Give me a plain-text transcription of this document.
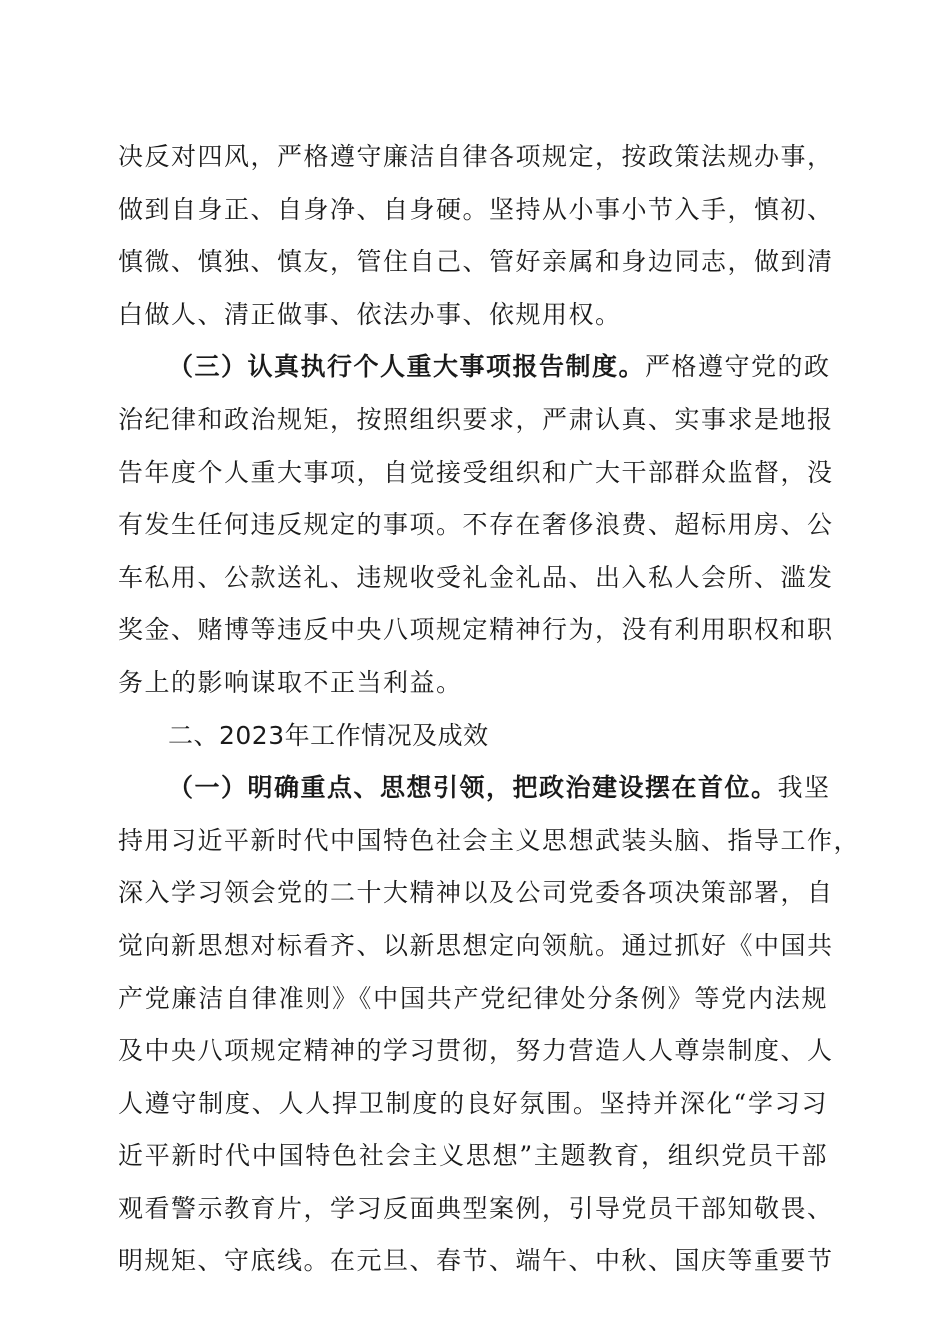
决反对四风，严格遵守廉洁自律各项规定，按政策法规办事，
做到自身正、自身净、自身硬。坚持从小事小节入手，慎初、
慎微、慎独、慎友，管住自己、管好亲属和身边同志，做到清
白做人、清正做事、依法办事、依规用权。
（三）认真执行个人重大事项报告制度。严格遵守党的政
治纪律和政治规矩，按照组织要求，严肃认真、实事求是地报
告年度个人重大事项，自觉接受组织和广大干部群众监督，没
有发生任何违反规定的事项。不存在奢侈浪费、超标用房、公
车私用、公款送礼、违规收受礼金礼品、出入私人会所、滥发
奖金、赌博等违反中央八项规定精神行为，没有利用职权和职
务上的影响谋取不正当利益。
二、2023年工作情况及成效
（一）明确重点、思想引领，把政治建设摆在首位。我坚
持用习近平新时代中国特色社会主义思想武装头脑、指导工作，
深入学习领会党的二十大精神以及公司党委各项决策部署，自
觉向新思想对标看齐、以新思想定向领航。通过抓好《中国共
产党廉洁自律准则》《中国共产党纪律处分条例》等党内法规
及中央八项规定精神的学习贯彻，努力营造人人尊崇制度、人
人遵守制度、人人捍卫制度的良好氛围。坚持并深化“学习习
近平新时代中国特色社会主义思想”主题教育，组织党员干部
观看警示教育片，学习反面典型案例，引导党员干部知敬畏、
明规矩、守底线。在元旦、春节、端午、中秋、国庆等重要节
